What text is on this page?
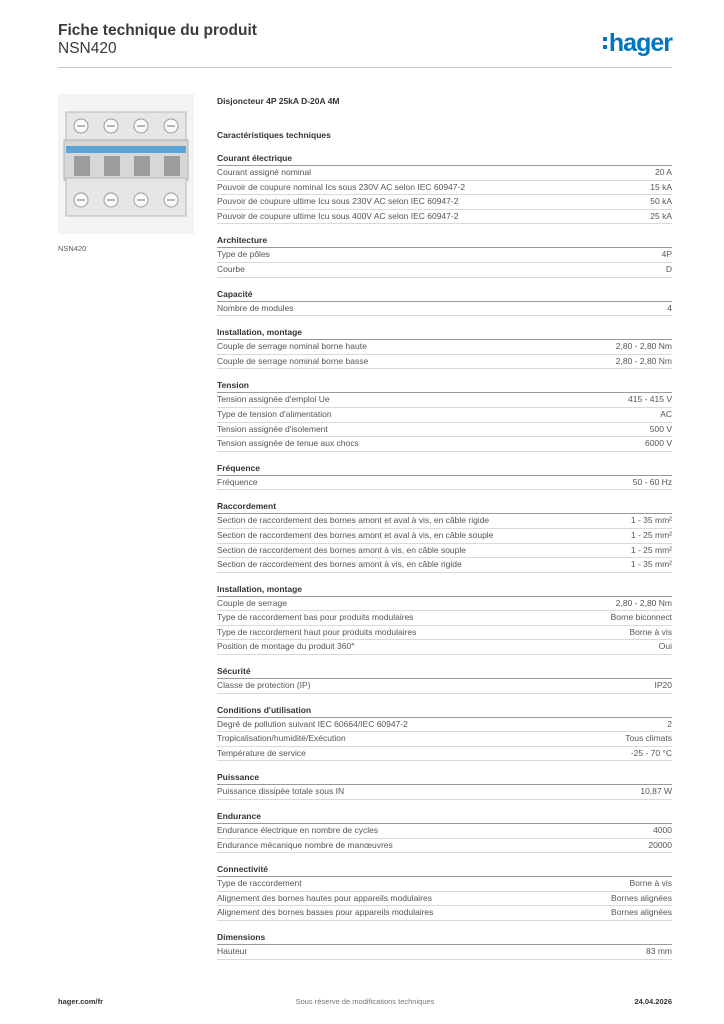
Fiche technique du produit
NSN420	hager
NSN420
Disjoncteur 4P 25kA D-20A 4M
Caractéristiques techniques
Courant électrique
Courant assigné nominal	20 A
Pouvoir de coupure nominal Ics sous 230V AC selon IEC 60947-2	15 kA
Pouvoir de coupure ultime Icu sous 230V AC selon IEC 60947-2	50 kA
Pouvoir de coupure ultime Icu sous 400V AC selon IEC 60947-2	25 kA
Architecture
Type de pôles	4P
Courbe	D
Capacité
Nombre de modules	4
Installation, montage
Couple de serrage nominal borne haute	2,80 - 2,80 Nm
Couple de serrage nominal borne basse	2,80 - 2,80 Nm
Tension
Tension assignée d'emploi Ue	415 - 415 V
Type de tension d'alimentation	AC
Tension assignée d'isolement	500 V
Tension assignée de tenue aux chocs	6000 V
Fréquence
Fréquence	50 - 60 Hz
Raccordement
Section de raccordement des bornes amont et aval à vis, en câble rigide	1 - 35 mm²
Section de raccordement des bornes amont et aval à vis, en câble souple	1 - 25 mm²
Section de raccordement des bornes amont à vis, en câble souple	1 - 25 mm²
Section de raccordement des bornes amont à vis, en câble rigide	1 - 35 mm²
Installation, montage
Couple de serrage	2,80 - 2,80 Nm
Type de raccordement bas pour produits modulaires	Borne biconnect
Type de raccordement haut pour produits modulaires	Borne à vis
Position de montage du produit 360°	Oui
Sécurité
Classe de protection (IP)	IP20
Conditions d'utilisation
Degré de pollution suivant IEC 60664/IEC 60947-2	2
Tropicalisation/humidité/Exécution	Tous climats
Température de service	-25 - 70 °C
Puissance
Puissance dissipée totale sous IN	10,87 W
Endurance
Endurance électrique en nombre de cycles	4000
Endurance mécanique nombre de manœuvres	20000
Connectivité
Type de raccordement	Borne à vis
Alignement des bornes hautes pour appareils modulaires	Bornes alignées
Alignement des bornes basses pour appareils modulaires	Bornes alignées
Dimensions
Hauteur	83 mm
hager.com/fr	Sous réserve de modifications techniques	24.04.2026
